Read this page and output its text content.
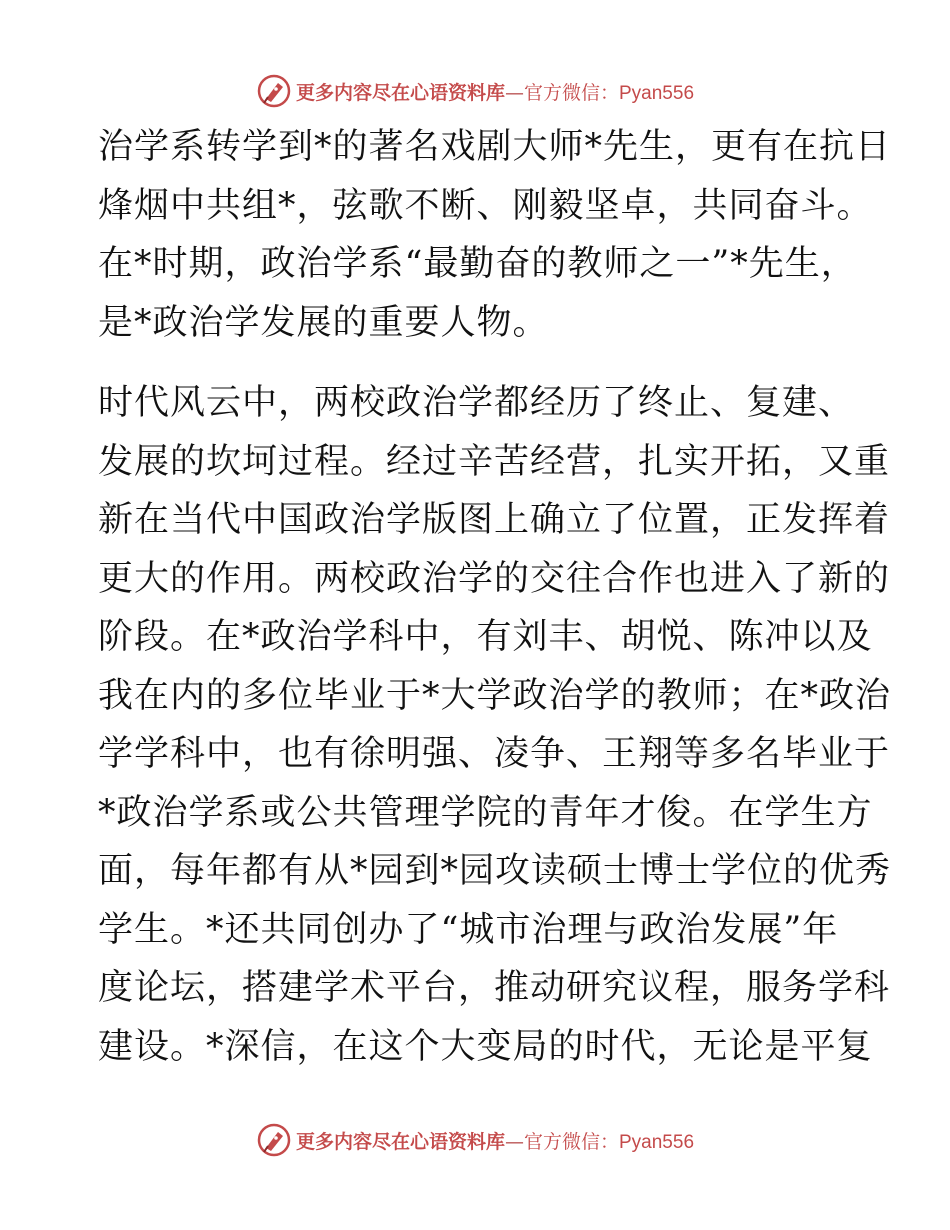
更多内容尽在心语资料库—官方微信：Pyan556

治学系转学到*的著名戏剧大师*先生，更有在抗日
烽烟中共组*，弦歌不断、刚毅坚卓，共同奋斗。
在*时期，政治学系“最勤奋的教师之一”*先生，
是*政治学发展的重要人物。

时代风云中，两校政治学都经历了终止、复建、
发展的坎坷过程。经过辛苦经营，扎实开拓，又重
新在当代中国政治学版图上确立了位置，正发挥着
更大的作用。两校政治学的交往合作也进入了新的
阶段。在*政治学科中，有刘丰、胡悦、陈冲以及
我在内的多位毕业于*大学政治学的教师；在*政治
学学科中，也有徐明强、凌争、王翔等多名毕业于
*政治学系或公共管理学院的青年才俊。在学生方
面，每年都有从*园到*园攻读硕士博士学位的优秀
学生。*还共同创办了“城市治理与政治发展”年
度论坛，搭建学术平台，推动研究议程，服务学科
建设。*深信，在这个大变局的时代，无论是平复

更多内容尽在心语资料库—官方微信：Pyan556
